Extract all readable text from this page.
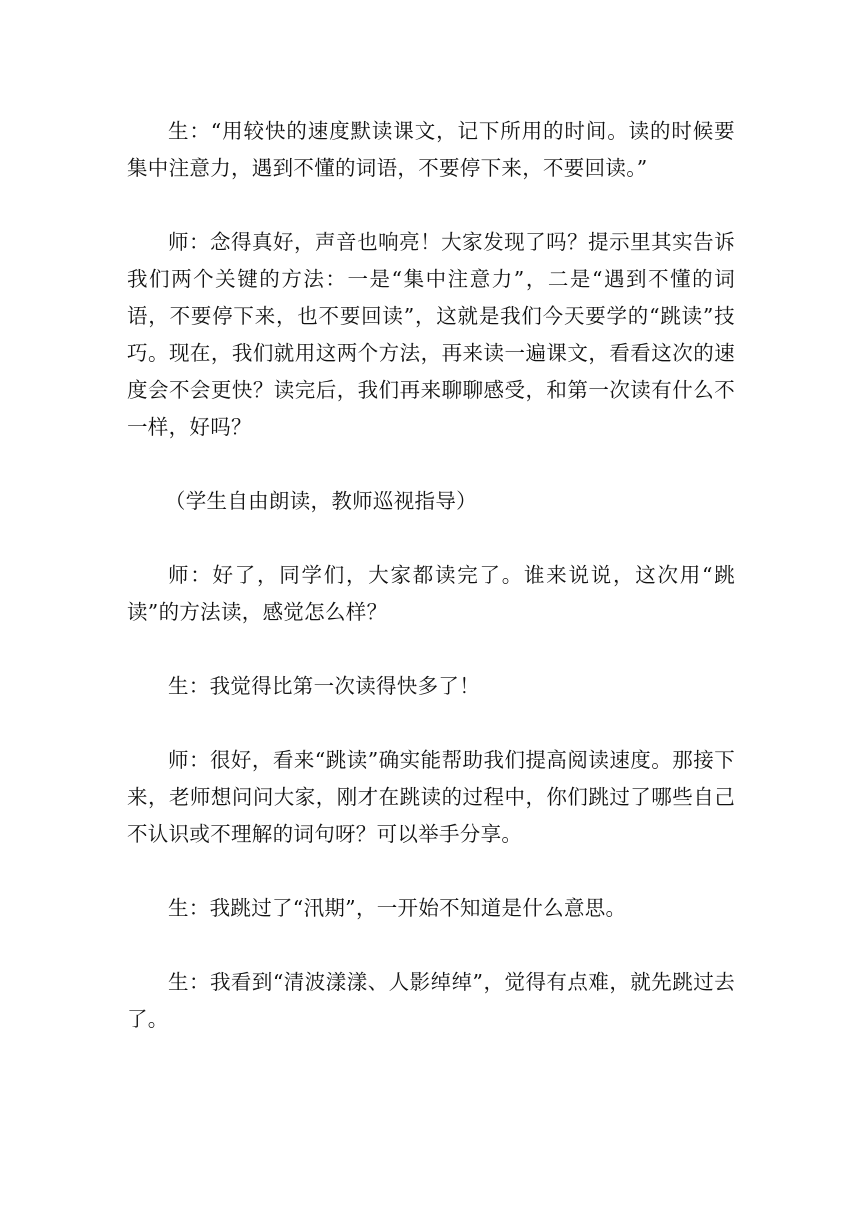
生：“用较快的速度默读课文，记下所用的时间。读的时候要集中注意力，遇到不懂的词语，不要停下来，不要回读。”

师：念得真好，声音也响亮！大家发现了吗？提示里其实告诉我们两个关键的方法：一是“集中注意力”，二是“遇到不懂的词语，不要停下来，也不要回读”，这就是我们今天要学的“跳读”技巧。现在，我们就用这两个方法，再来读一遍课文，看看这次的速度会不会更快？读完后，我们再来聊聊感受，和第一次读有什么不一样，好吗？

（学生自由朗读，教师巡视指导）

师：好了，同学们，大家都读完了。谁来说说，这次用“跳读”的方法读，感觉怎么样？

生：我觉得比第一次读得快多了！

师：很好，看来“跳读”确实能帮助我们提高阅读速度。那接下来，老师想问问大家，刚才在跳读的过程中，你们跳过了哪些自己不认识或不理解的词句呀？可以举手分享。

生：我跳过了“汛期”，一开始不知道是什么意思。

生：我看到“清波漾漾、人影绰绰”，觉得有点难，就先跳过去了。
